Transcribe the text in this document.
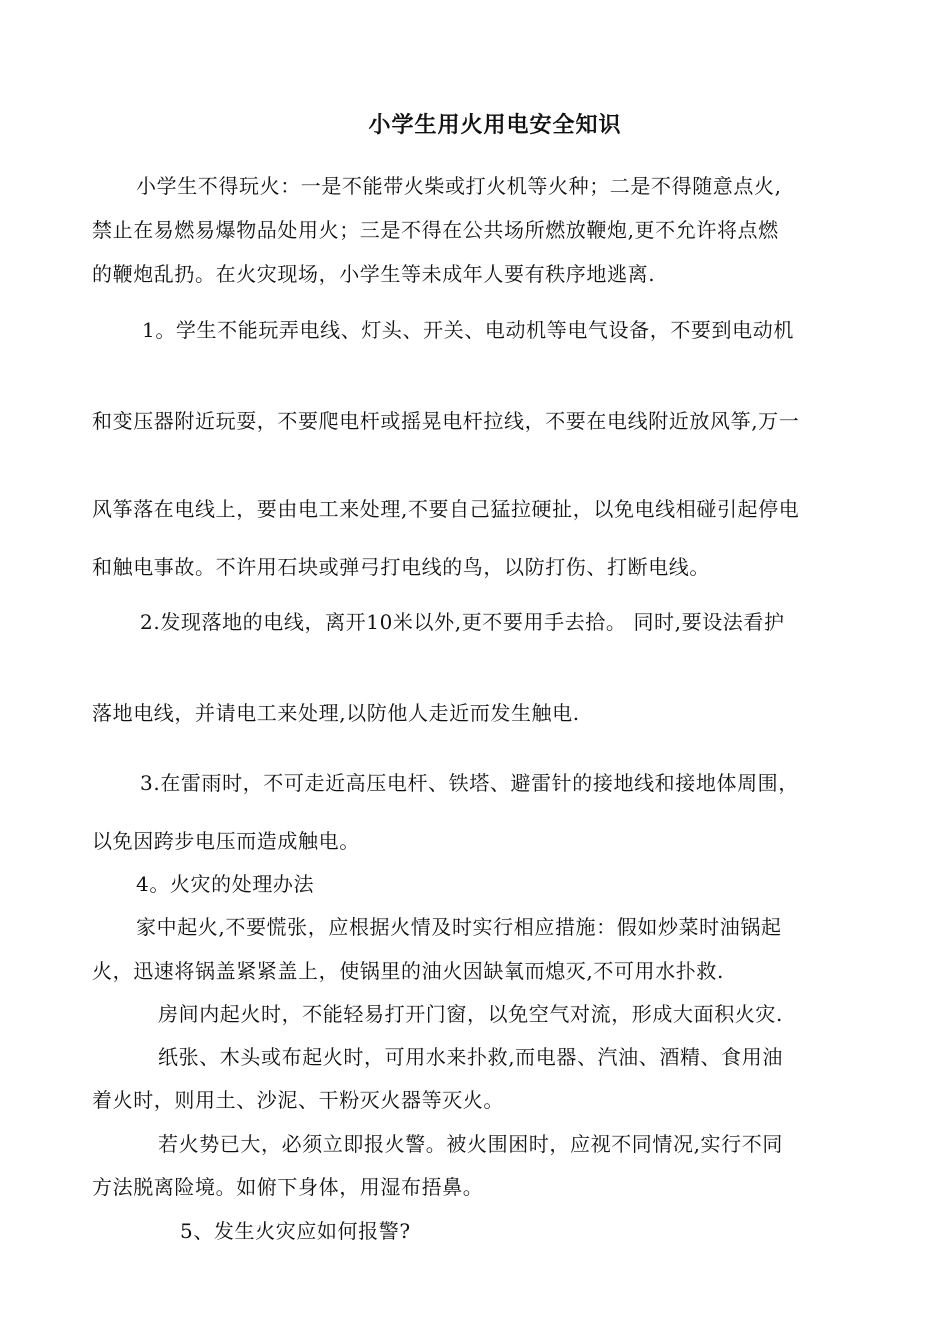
小学生用火用电安全知识
小学生不得玩火：一是不能带火柴或打火机等火种；二是不得随意点火,
禁止在易燃易爆物品处用火；三是不得在公共场所燃放鞭炮,更不允许将点燃
的鞭炮乱扔。在火灾现场，小学生等未成年人要有秩序地逃离.
1。学生不能玩弄电线、灯头、开关、电动机等电气设备，不要到电动机
和变压器附近玩耍，不要爬电杆或摇晃电杆拉线，不要在电线附近放风筝,万一
风筝落在电线上，要由电工来处理,不要自己猛拉硬扯，以免电线相碰引起停电
和触电事故。不许用石块或弹弓打电线的鸟，以防打伤、打断电线。
2.发现落地的电线，离开10米以外,更不要用手去拾。 同时,要设法看护
落地电线，并请电工来处理,以防他人走近而发生触电.
3.在雷雨时，不可走近高压电杆、铁塔、避雷针的接地线和接地体周围，
以免因跨步电压而造成触电。
4。火灾的处理办法
家中起火,不要慌张，应根据火情及时实行相应措施：假如炒菜时油锅起
火，迅速将锅盖紧紧盖上，使锅里的油火因缺氧而熄灭,不可用水扑救.
房间内起火时，不能轻易打开门窗，以免空气对流，形成大面积火灾.
纸张、木头或布起火时，可用水来扑救,而电器、汽油、酒精、食用油
着火时，则用土、沙泥、干粉灭火器等灭火。
若火势已大，必须立即报火警。被火围困时，应视不同情况,实行不同
方法脱离险境。如俯下身体，用湿布捂鼻。
5、发生火灾应如何报警?
